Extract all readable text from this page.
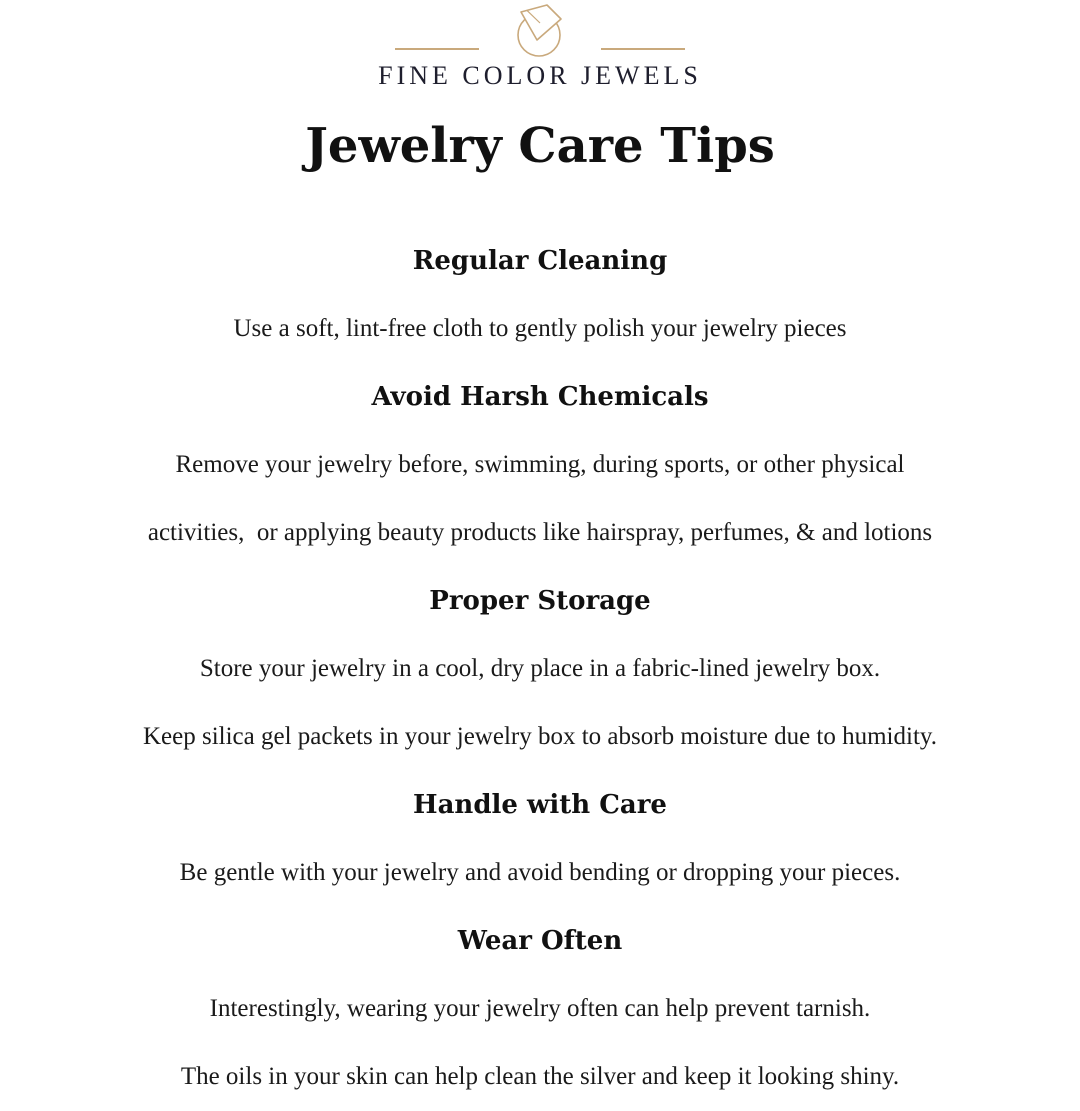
FINE COLOR JEWELS
Jewelry Care Tips
Regular Cleaning
Use a soft, lint-free cloth to gently polish your jewelry pieces
Avoid Harsh Chemicals
Remove your jewelry before, swimming, during sports, or other physical
activities,  or applying beauty products like hairspray, perfumes, & and lotions
Proper Storage
Store your jewelry in a cool, dry place in a fabric-lined jewelry box.
Keep silica gel packets in your jewelry box to absorb moisture due to humidity.
Handle with Care
Be gentle with your jewelry and avoid bending or dropping your pieces.
Wear Often
Interestingly, wearing your jewelry often can help prevent tarnish.
The oils in your skin can help clean the silver and keep it looking shiny.
